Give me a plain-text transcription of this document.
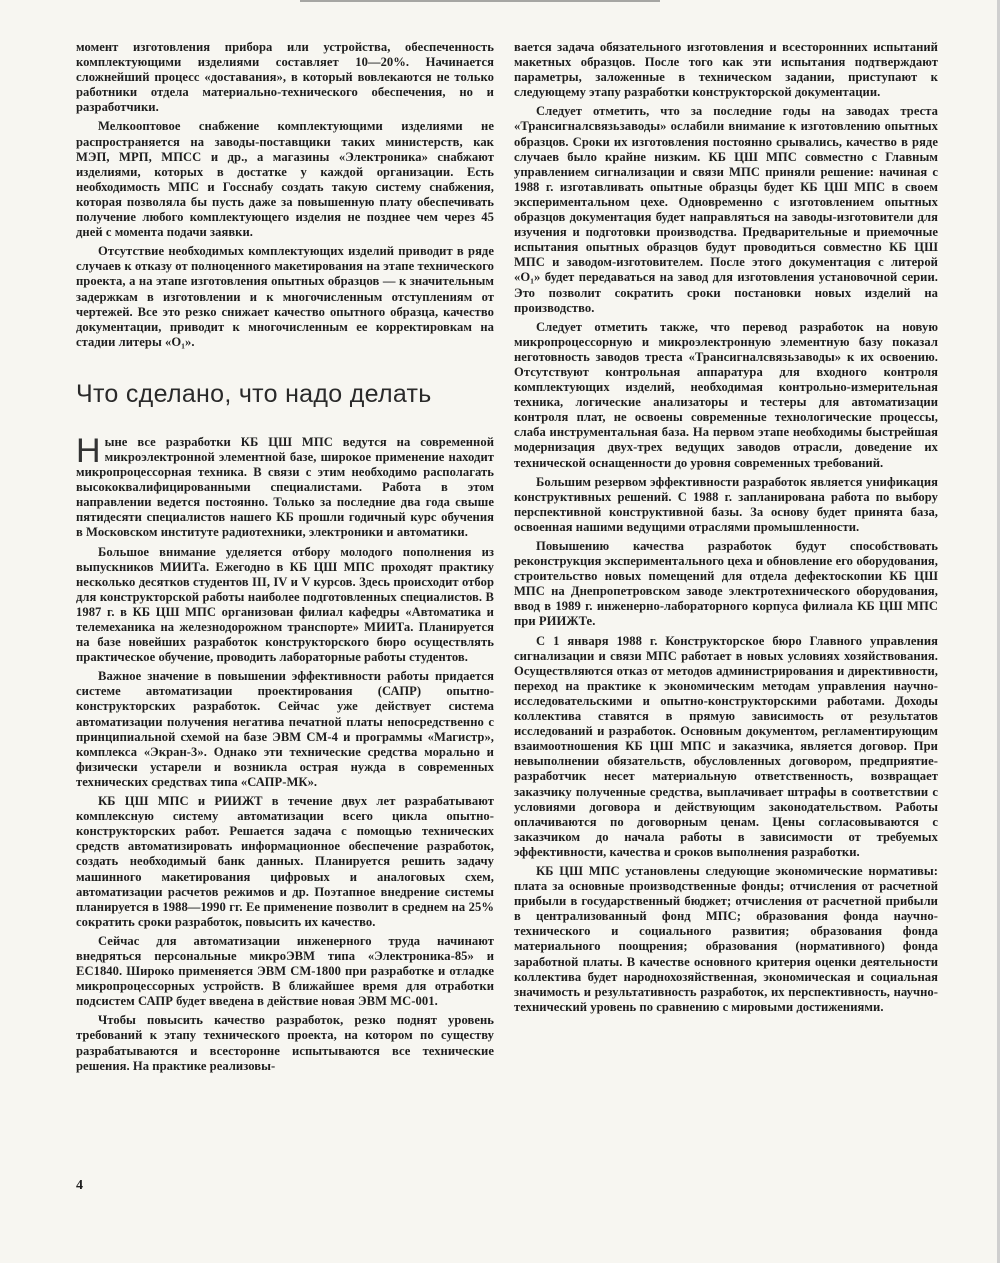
момент изготовления прибора или устройства, обеспеченность комплектующими изделиями составляет 10—20%. Начинается сложнейший процесс «доставания», в который вовлекаются не только работники отдела материально-технического обеспечения, но и разработчики.

Мелкооптовое снабжение комплектующими изделиями не распространяется на заводы-поставщики таких министерств, как МЭП, МРП, МПСС и др., а магазины «Электроника» снабжают изделиями, которых в достатке у каждой организации. Есть необходимость МПС и Госснабу создать такую систему снабжения, которая позволяла бы пусть даже за повышенную плату обеспечивать получение любого комплектующего изделия не позднее чем через 45 дней с момента подачи заявки.

Отсутствие необходимых комплектующих изделий приводит в ряде случаев к отказу от полноценного макетирования на этапе технического проекта, а на этапе изготовления опытных образцов — к значительным задержкам в изготовлении и к многочисленным отступлениям от чертежей. Все это резко снижает качество опытного образца, качество документации, приводит к многочисленным ее корректировкам на стадии литеры «О₁».

Что сделано, что надо делать

Ныне все разработки КБ ЦШ МПС ведутся на современной микроэлектронной элементной базе, широкое применение находит микропроцессорная техника. В связи с этим необходимо располагать высококвалифицированными специалистами. Работа в этом направлении ведется постоянно. Только за последние два года свыше пятидесяти специалистов нашего КБ прошли годичный курс обучения в Московском институте радиотехники, электроники и автоматики.

Большое внимание уделяется отбору молодого пополнения из выпускников МИИТа. Ежегодно в КБ ЦШ МПС проходят практику несколько десятков студентов III, IV и V курсов. Здесь происходит отбор для конструкторской работы наиболее подготовленных специалистов. В 1987 г. в КБ ЦШ МПС организован филиал кафедры «Автоматика и телемеханика на железнодорожном транспорте» МИИТа. Планируется на базе новейших разработок конструкторского бюро осуществлять практическое обучение, проводить лабораторные работы студентов.

Важное значение в повышении эффективности работы придается системе автоматизации проектирования (САПР) опытно-конструкторских разработок. Сейчас уже действует система автоматизации получения негатива печатной платы непосредственно с принципиальной схемой на базе ЭВМ СМ-4 и программы «Магистр», комплекса «Экран-3». Однако эти технические средства морально и физически устарели и возникла острая нужда в современных технических средствах типа «САПР-МК».

КБ ЦШ МПС и РИИЖТ в течение двух лет разрабатывают комплексную систему автоматизации всего цикла опытно-конструкторских работ. Решается задача с помощью технических средств автоматизировать информационное обеспечение разработок, создать необходимый банк данных. Планируется решить задачу машинного макетирования цифровых и аналоговых схем, автоматизации расчетов режимов и др. Поэтапное внедрение системы планируется в 1988—1990 гг. Ее применение позволит в среднем на 25% сократить сроки разработок, повысить их качество.

Сейчас для автоматизации инженерного труда начинают внедряться персональные микроЭВМ типа «Электроника-85» и ЕС1840. Широко применяется ЭВМ СМ-1800 при разработке и отладке микропроцессорных устройств. В ближайшее время для отработки подсистем САПР будет введена в действие новая ЭВМ МС-001.

Чтобы повысить качество разработок, резко поднят уровень требований к этапу технического проекта, на котором по существу разрабатываются и всесторонне испытываются все технические решения. На практике реализовы-

вается задача обязательного изготовления и всестороннних испытаний макетных образцов. После того как эти испытания подтверждают параметры, заложенные в техническом задании, приступают к следующему этапу разработки конструкторской документации.

Следует отметить, что за последние годы на заводах треста «Трансигналсвязьзаводы» ослабили внимание к изготовлению опытных образцов. Сроки их изготовления постоянно срывались, качество в ряде случаев было крайне низким. КБ ЦШ МПС совместно с Главным управлением сигнализации и связи МПС приняли решение: начиная с 1988 г. изготавливать опытные образцы будет КБ ЦШ МПС в своем экспериментальном цехе. Одновременно с изготовлением опытных образцов документация будет направляться на заводы-изготовители для изучения и подготовки производства. Предварительные и приемочные испытания опытных образцов будут проводиться совместно КБ ЦШ МПС и заводом-изготовителем. После этого документация с литерой «О₁» будет передаваться на завод для изготовления установочной серии. Это позволит сократить сроки постановки новых изделий на производство.

Следует отметить также, что перевод разработок на новую микропроцессорную и микроэлектронную элементную базу показал неготовность заводов треста «Трансигналсвязьзаводы» к их освоению. Отсутствуют контрольная аппаратура для входного контроля комплектующих изделий, необходимая контрольно-измерительная техника, логические анализаторы и тестеры для автоматизации контроля плат, не освоены современные технологические процессы, слаба инструментальная база. На первом этапе необходимы быстрейшая модернизация двух-трех ведущих заводов отрасли, доведение их технической оснащенности до уровня современных требований.

Большим резервом эффективности разработок является унификация конструктивных решений. С 1988 г. запланирована работа по выбору перспективной конструктивной базы. За основу будет принята база, освоенная нашими ведущими отраслями промышленности.

Повышению качества разработок будут способствовать реконструкция экспериментального цеха и обновление его оборудования, строительство новых помещений для отдела дефектоскопии КБ ЦШ МПС на Днепропетровском заводе электротехнического оборудования, ввод в 1989 г. инженерно-лабораторного корпуса филиала КБ ЦШ МПС при РИИЖТе.

С 1 января 1988 г. Конструкторское бюро Главного управления сигнализации и связи МПС работает в новых условиях хозяйствования. Осуществляются отказ от методов администрирования и директивности, переход на практике к экономическим методам управления научно-исследовательскими и опытно-конструкторскими работами. Доходы коллектива ставятся в прямую зависимость от результатов исследований и разработок. Основным документом, регламентирующим взаимоотношения КБ ЦШ МПС и заказчика, является договор. При невыполнении обязательств, обусловленных договором, предприятие-разработчик несет материальную ответственность, возвращает заказчику полученные средства, выплачивает штрафы в соответствии с условиями договора и действующим законодательством. Работы оплачиваются по договорным ценам. Цены согласовываются с заказчиком до начала работы в зависимости от требуемых эффективности, качества и сроков выполнения разработки.

КБ ЦШ МПС установлены следующие экономические нормативы: плата за основные производственные фонды; отчисления от расчетной прибыли в государственный бюджет; отчисления от расчетной прибыли в централизованный фонд МПС; образования фонда научно-технического и социального развития; образования фонда материального поощрения; образования (нормативного) фонда заработной платы. В качестве основного критерия оценки деятельности коллектива будет народнохозяйственная, экономическая и социальная значимость и результативность разработок, их перспективность, научно-технический уровень по сравнению с мировыми достижениями.

4
